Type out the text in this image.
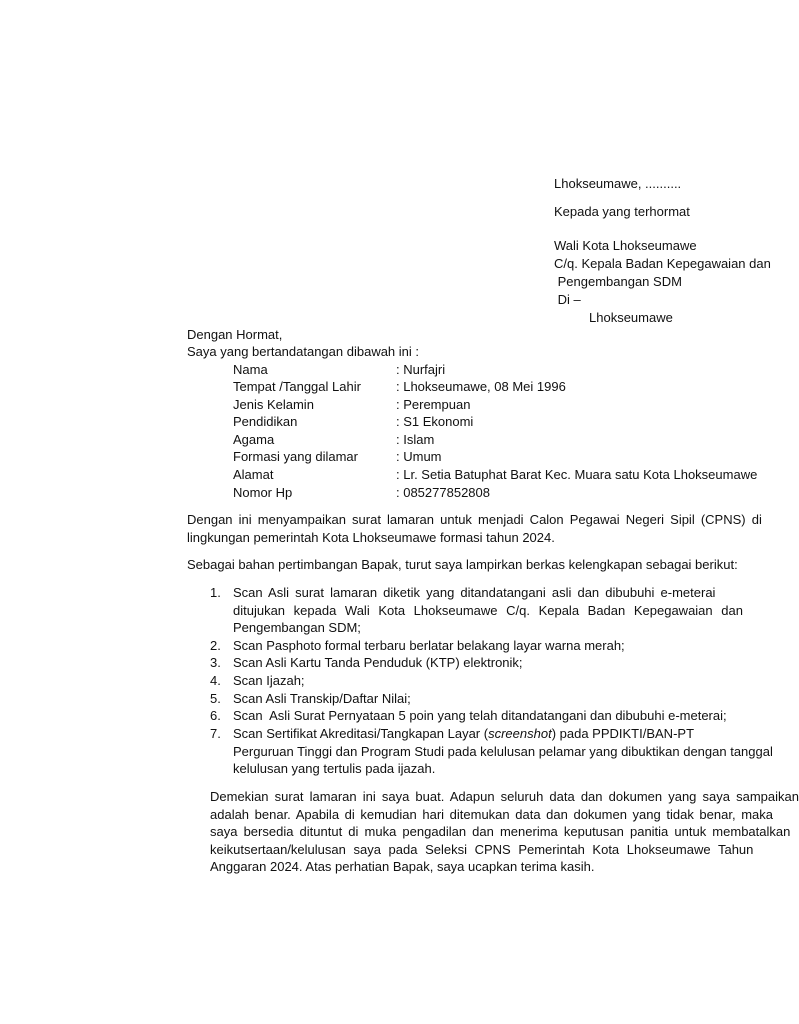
Lhokseumawe, ..........
Kepada yang terhormat
Wali Kota Lhokseumawe
C/q. Kepala Badan Kepegawaian dan
Pengembangan SDM
Di –
Lhokseumawe
Dengan Hormat,
Saya yang bertandatangan dibawah ini :
Nama	: Nurfajri
Tempat /Tanggal Lahir	: Lhokseumawe, 08 Mei 1996
Jenis Kelamin	: Perempuan
Pendidikan	: S1 Ekonomi
Agama	: Islam
Formasi yang dilamar	: Umum
Alamat	: Lr. Setia Batuphat Barat Kec. Muara satu Kota Lhokseumawe
Nomor Hp	: 085277852808
Dengan ini menyampaikan surat lamaran untuk menjadi Calon Pegawai Negeri Sipil (CPNS) di
lingkungan pemerintah Kota Lhokseumawe formasi tahun 2024.
Sebagai bahan pertimbangan Bapak, turut saya lampirkan berkas kelengkapan sebagai berikut:
1. Scan Asli surat lamaran diketik yang ditandatangani asli dan dibubuhi e-meterai
ditujukan kepada Wali Kota Lhokseumawe C/q. Kepala Badan Kepegawaian dan
Pengembangan SDM;
2. Scan Pasphoto formal terbaru berlatar belakang layar warna merah;
3. Scan Asli Kartu Tanda Penduduk (KTP) elektronik;
4. Scan Ijazah;
5. Scan Asli Transkip/Daftar Nilai;
6. Scan  Asli Surat Pernyataan 5 poin yang telah ditandatangani dan dibubuhi e-meterai;
7. Scan Sertifikat Akreditasi/Tangkapan Layar (screenshot) pada PPDIKTI/BAN-PT
Perguruan Tinggi dan Program Studi pada kelulusan pelamar yang dibuktikan dengan tanggal
kelulusan yang tertulis pada ijazah.
Demekian surat lamaran ini saya buat. Adapun seluruh data dan dokumen yang saya sampaikan
adalah benar. Apabila di kemudian hari ditemukan data dan dokumen yang tidak benar, maka
saya bersedia dituntut di muka pengadilan dan menerima keputusan panitia untuk membatalkan
keikutsertaan/kelulusan saya pada Seleksi CPNS Pemerintah Kota Lhokseumawe Tahun
Anggaran 2024. Atas perhatian Bapak, saya ucapkan terima kasih.
